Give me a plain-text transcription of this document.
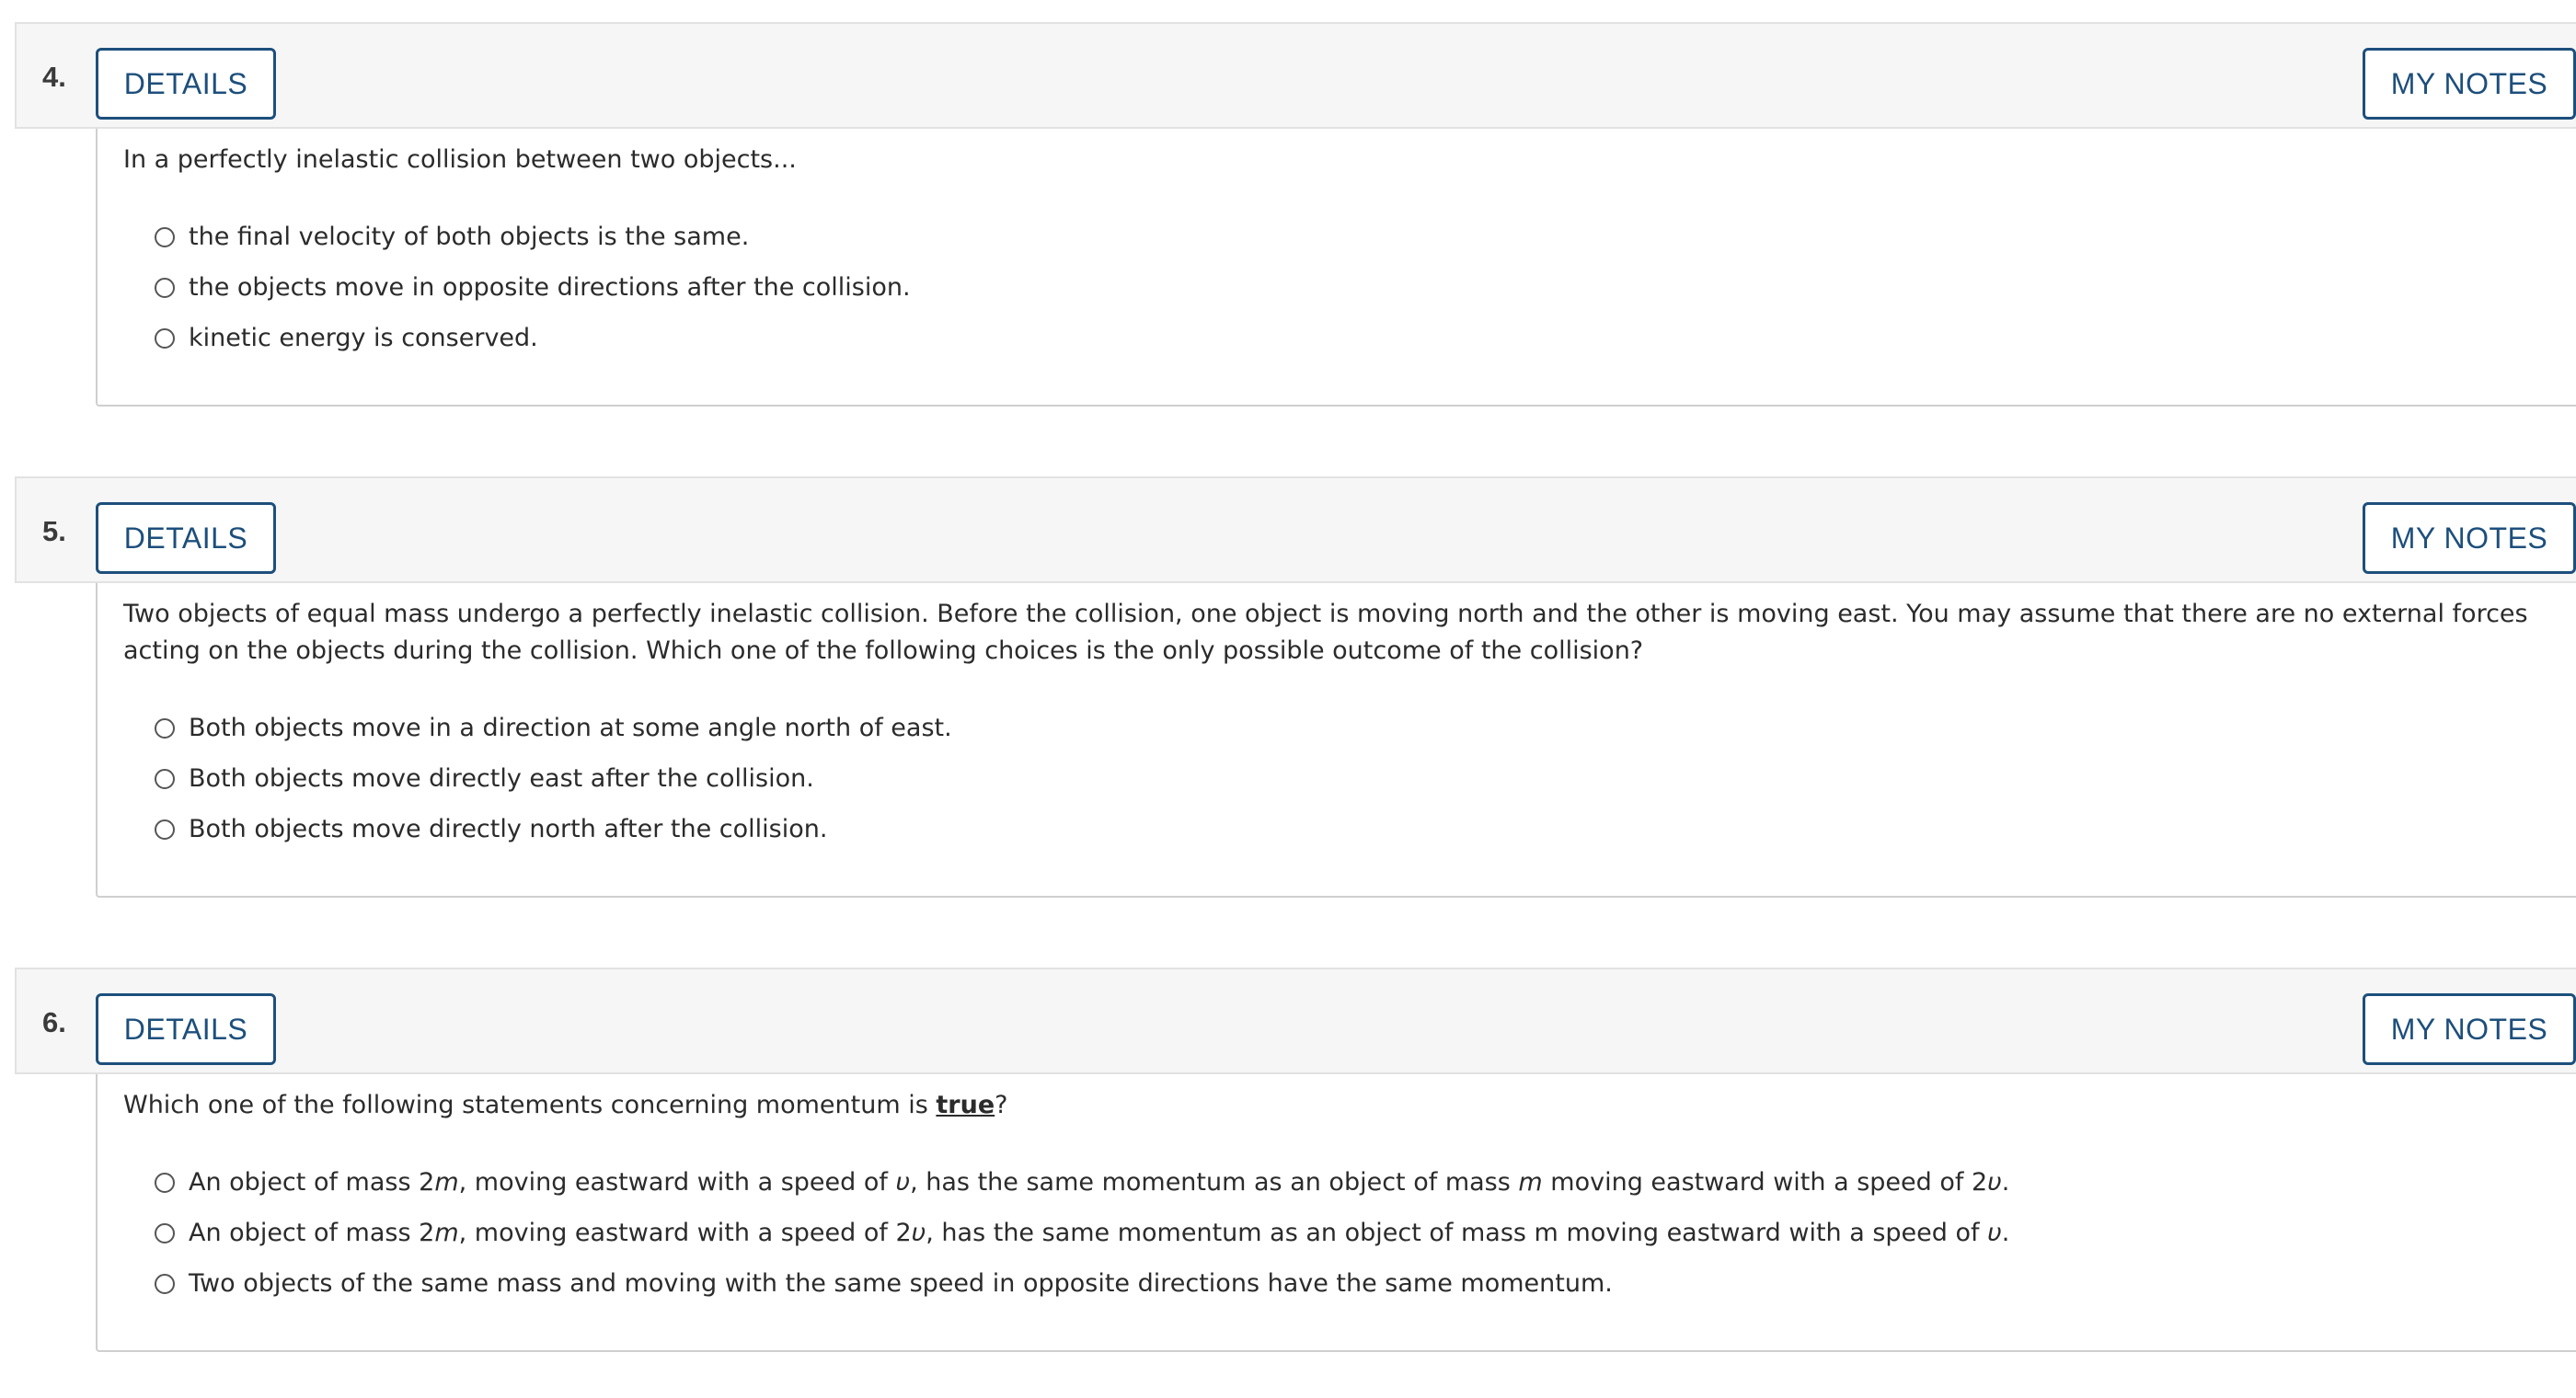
4.	DETAILS	MY NOTES

In a perfectly inelastic collision between two objects...

the final velocity of both objects is the same.
the objects move in opposite directions after the collision.
kinetic energy is conserved.
5.	DETAILS	MY NOTES

Two objects of equal mass undergo a perfectly inelastic collision. Before the collision, one object is moving north and the other is moving east. You may assume that there are no external forces acting on the objects during the collision. Which one of the following choices is the only possible outcome of the collision?

Both objects move in a direction at some angle north of east.
Both objects move directly east after the collision.
Both objects move directly north after the collision.
6.	DETAILS	MY NOTES

Which one of the following statements concerning momentum is true?

An object of mass 2m, moving eastward with a speed of υ, has the same momentum as an object of mass m moving eastward with a speed of 2υ.
An object of mass 2m, moving eastward with a speed of 2υ, has the same momentum as an object of mass m moving eastward with a speed of υ.
Two objects of the same mass and moving with the same speed in opposite directions have the same momentum.
